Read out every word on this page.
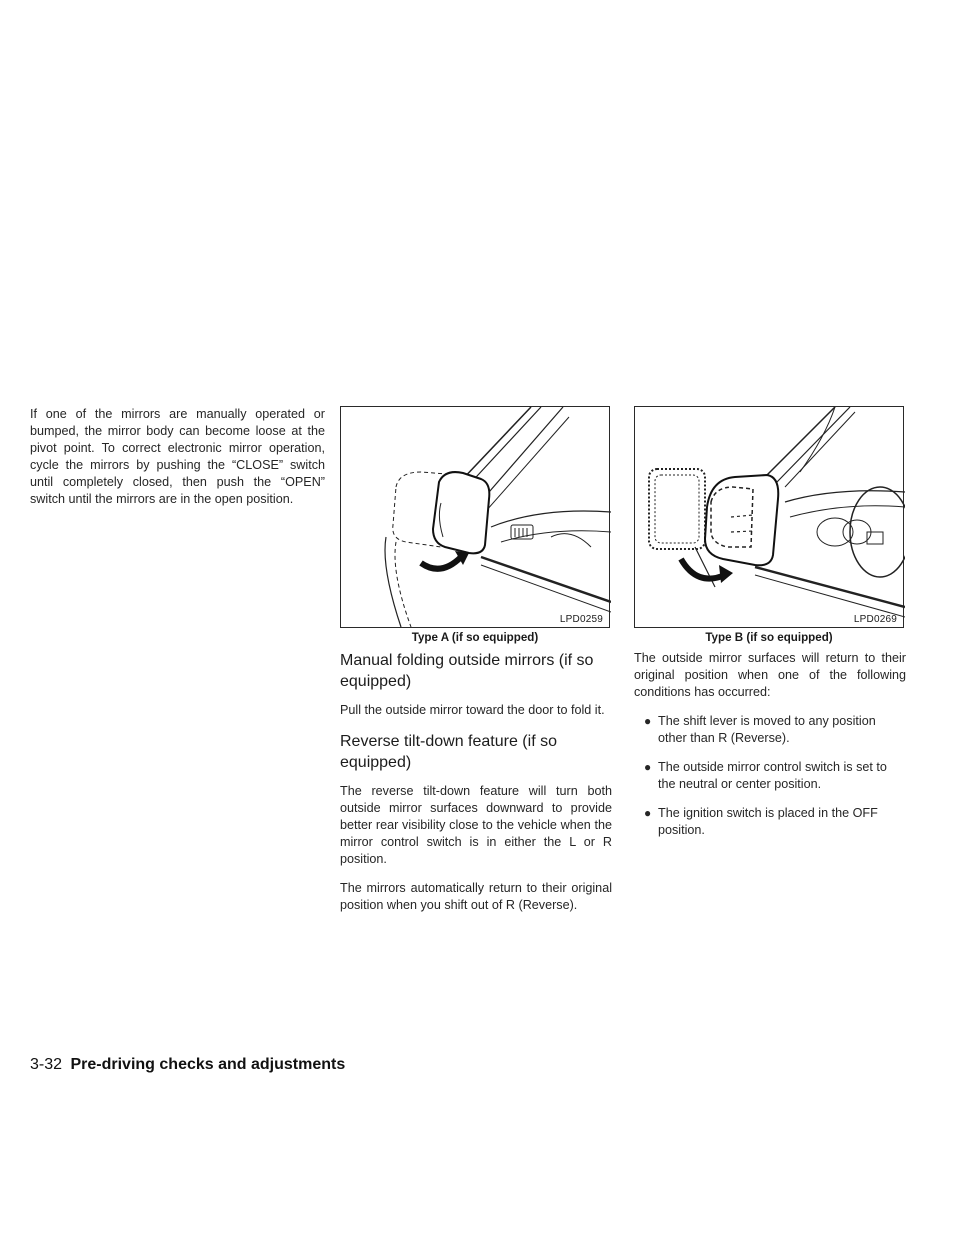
If one of the mirrors are manually operated or bumped, the mirror body can become loose at the pivot point. To correct electronic mirror operation, cycle the mirrors by pushing the “CLOSE” switch until completely closed, then push the “OPEN” switch until the mirrors are in the open position.

LPD0259
Type A (if so equipped)
Manual folding outside mirrors (if so equipped)

Pull the outside mirror toward the door to fold it.

Reverse tilt-down feature (if so equipped)

The reverse tilt-down feature will turn both outside mirror surfaces downward to provide better rear visibility close to the vehicle when the mirror control switch is in either the L or R position.

The mirrors automatically return to their original position when you shift out of R (Reverse).

LPD0269
Type B (if so equipped)

The outside mirror surfaces will return to their original position when one of the following conditions has occurred:

● The shift lever is moved to any position other than R (Reverse).
● The outside mirror control switch is set to the neutral or center position.
● The ignition switch is placed in the OFF position.
3-32 Pre-driving checks and adjustments
